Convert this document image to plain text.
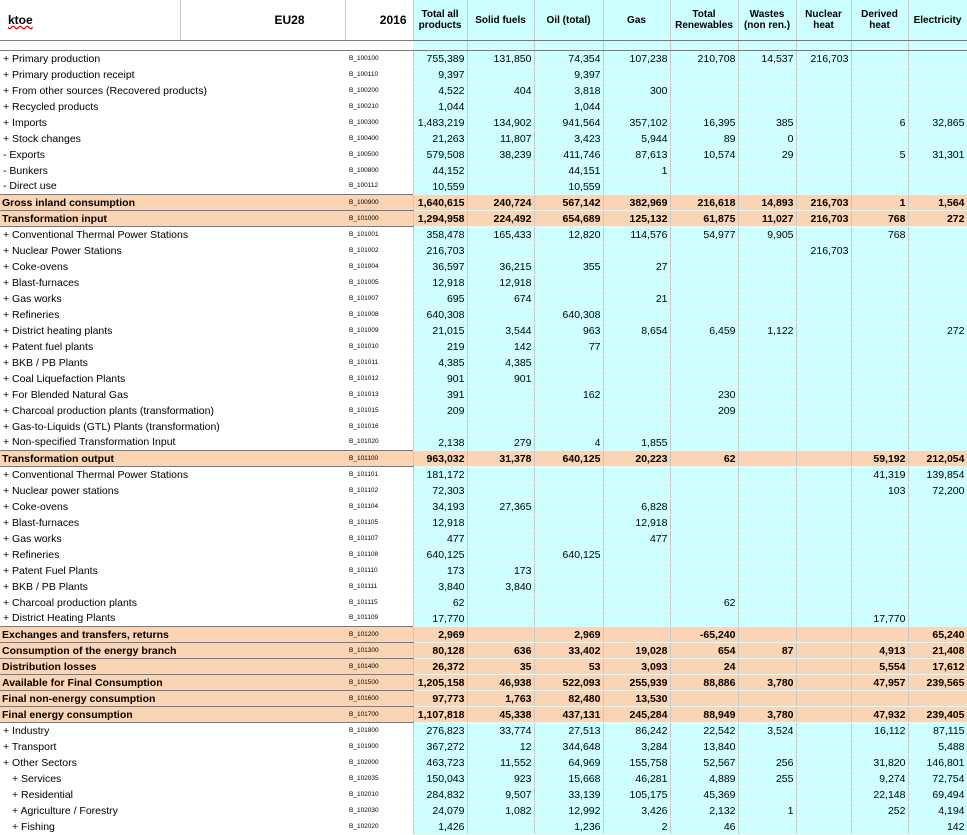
ktoe	EU28	2016	Total all products	Solid fuels	Oil (total)	Gas	Total Renewables	Wastes (non ren.)	Nuclear heat	Derived heat	Electricity

+ Primary production		B_100100	755,389	131,850	74,354	107,238	210,708	14,537	216,703		
+ Primary production receipt		B_100110	9,397		9,397						
+ From other sources (Recovered products)		B_100200	4,522	404	3,818	300					
+ Recycled products		B_100210	1,044		1,044						
+ Imports		B_100300	1,483,219	134,902	941,564	357,102	16,395	385		6	32,865
+ Stock changes		B_100400	21,263	11,807	3,423	5,944	89	0			
- Exports		B_100500	579,508	38,239	411,746	87,613	10,574	29		5	31,301
- Bunkers		B_100800	44,152		44,151	1					
- Direct use		B_100112	10,559		10,559						
Gross inland consumption		B_100900	1,640,615	240,724	567,142	382,969	216,618	14,893	216,703	1	1,564
Transformation input		B_101000	1,294,958	224,492	654,689	125,132	61,875	11,027	216,703	768	272
+ Conventional Thermal Power Stations		B_101001	358,478	165,433	12,820	114,576	54,977	9,905		768	
+ Nuclear Power Stations		B_101002	216,703						216,703		
+ Coke-ovens		B_101004	36,597	36,215	355	27					
+ Blast-furnaces		B_101005	12,918	12,918							
+ Gas works		B_101007	695	674		21					
+ Refineries		B_101008	640,308		640,308						
+ District heating plants		B_101009	21,015	3,544	963	8,654	6,459	1,122			272
+ Patent fuel plants		B_101010	219	142	77						
+ BKB / PB Plants		B_101011	4,385	4,385							
+ Coal Liquefaction Plants		B_101012	901	901							
+ For Blended Natural Gas		B_101013	391		162		230				
+ Charcoal production plants (transformation)		B_101015	209				209				
+ Gas-to-Liquids (GTL) Plants (transformation)		B_101016									
+ Non-specified Transformation Input		B_101020	2,138	279	4	1,855					
Transformation output		B_101100	963,032	31,378	640,125	20,223	62			59,192	212,054
+ Conventional Thermal Power Stations		B_101101	181,172							41,319	139,854
+ Nuclear power stations		B_101102	72,303							103	72,200
+ Coke-ovens		B_101104	34,193	27,365		6,828					
+ Blast-furnaces		B_101105	12,918			12,918					
+ Gas works		B_101107	477			477					
+ Refineries		B_101108	640,125		640,125						
+ Patent Fuel Plants		B_101110	173	173							
+ BKB / PB Plants		B_101111	3,840	3,840							
+ Charcoal production plants		B_101115	62				62				
+ District Heating Plants		B_101109	17,770							17,770	
Exchanges and transfers, returns		B_101200	2,969		2,969		-65,240				65,240
Consumption of the energy branch		B_101300	80,128	636	33,402	19,028	654	87		4,913	21,408
Distribution losses		B_101400	26,372	35	53	3,093	24			5,554	17,612
Available for Final Consumption		B_101500	1,205,158	46,938	522,093	255,939	88,886	3,780		47,957	239,565
Final non-energy consumption		B_101600	97,773	1,763	82,480	13,530					
Final energy consumption		B_101700	1,107,818	45,338	437,131	245,284	88,949	3,780		47,932	239,405
+ Industry		B_101800	276,823	33,774	27,513	86,242	22,542	3,524		16,112	87,115
+ Transport		B_101900	367,272	12	344,648	3,284	13,840				5,488
+ Other Sectors		B_102000	463,723	11,552	64,969	155,758	52,567	256		31,820	146,801
+ Services		B_102035	150,043	923	15,668	46,281	4,889	255		9,274	72,754
+ Residential		B_102010	284,832	9,507	33,139	105,175	45,369			22,148	69,494
+ Agriculture / Forestry		B_102030	24,079	1,082	12,992	3,426	2,132	1		252	4,194
+ Fishing		B_102020	1,426		1,236	2	46				142
